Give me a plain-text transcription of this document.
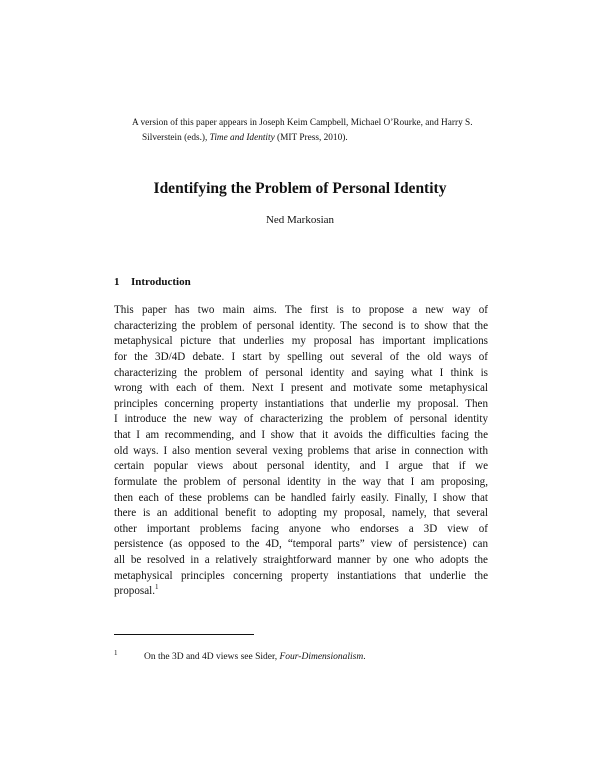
A version of this paper appears in Joseph Keim Campbell, Michael O’Rourke, and Harry S.
Silverstein (eds.), Time and Identity (MIT Press, 2010).
Identifying the Problem of Personal Identity
Ned Markosian
1 Introduction
This paper has two main aims. The first is to propose a new way of
characterizing the problem of personal identity. The second is to show that the
metaphysical picture that underlies my proposal has important implications
for the 3D/4D debate. I start by spelling out several of the old ways of
characterizing the problem of personal identity and saying what I think is
wrong with each of them. Next I present and motivate some metaphysical
principles concerning property instantiations that underlie my proposal. Then
I introduce the new way of characterizing the problem of personal identity
that I am recommending, and I show that it avoids the difficulties facing the
old ways. I also mention several vexing problems that arise in connection with
certain popular views about personal identity, and I argue that if we
formulate the problem of personal identity in the way that I am proposing,
then each of these problems can be handled fairly easily. Finally, I show that
there is an additional benefit to adopting my proposal, namely, that several
other important problems facing anyone who endorses a 3D view of
persistence (as opposed to the 4D, “temporal parts” view of persistence) can
all be resolved in a relatively straightforward manner by one who adopts the
metaphysical principles concerning property instantiations that underlie the
proposal.$^1$
$^1$	On the 3D and 4D views see Sider, Four-Dimensionalism.
